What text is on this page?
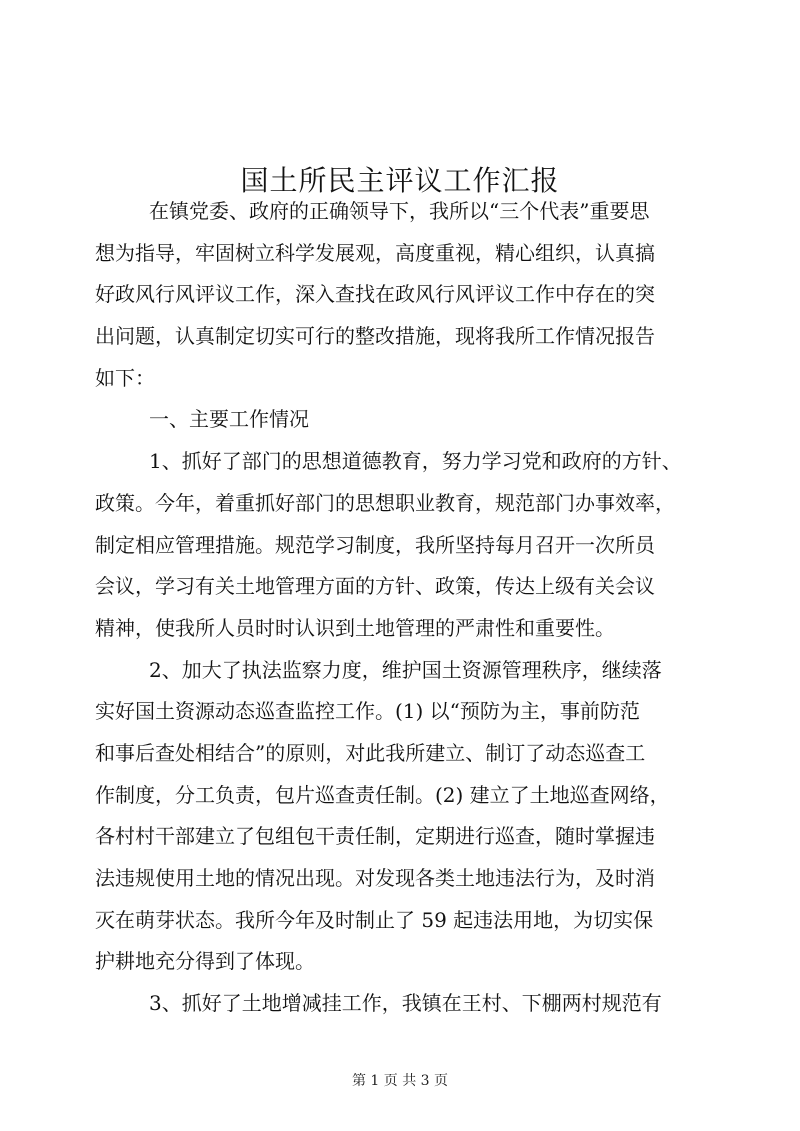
国土所民主评议工作汇报
在镇党委、政府的正确领导下，我所以“三个代表”重要思
想为指导，牢固树立科学发展观，高度重视，精心组织，认真搞
好政风行风评议工作，深入查找在政风行风评议工作中存在的突
出问题，认真制定切实可行的整改措施，现将我所工作情况报告
如下：
一、主要工作情况
1、抓好了部门的思想道德教育，努力学习党和政府的方针、
政策。今年，着重抓好部门的思想职业教育，规范部门办事效率，
制定相应管理措施。规范学习制度，我所坚持每月召开一次所员
会议，学习有关土地管理方面的方针、政策，传达上级有关会议
精神，使我所人员时时认识到土地管理的严肃性和重要性。
2、加大了执法监察力度，维护国土资源管理秩序，继续落
实好国土资源动态巡查监控工作。(1) 以“预防为主，事前防范
和事后查处相结合”的原则，对此我所建立、制订了动态巡查工
作制度，分工负责，包片巡查责任制。(2) 建立了土地巡查网络，
各村村干部建立了包组包干责任制，定期进行巡查，随时掌握违
法违规使用土地的情况出现。对发现各类土地违法行为，及时消
灭在萌芽状态。我所今年及时制止了 59 起违法用地，为切实保
护耕地充分得到了体现。
3、抓好了土地增减挂工作，我镇在王村、下棚两村规范有
第 1 页 共 3 页
